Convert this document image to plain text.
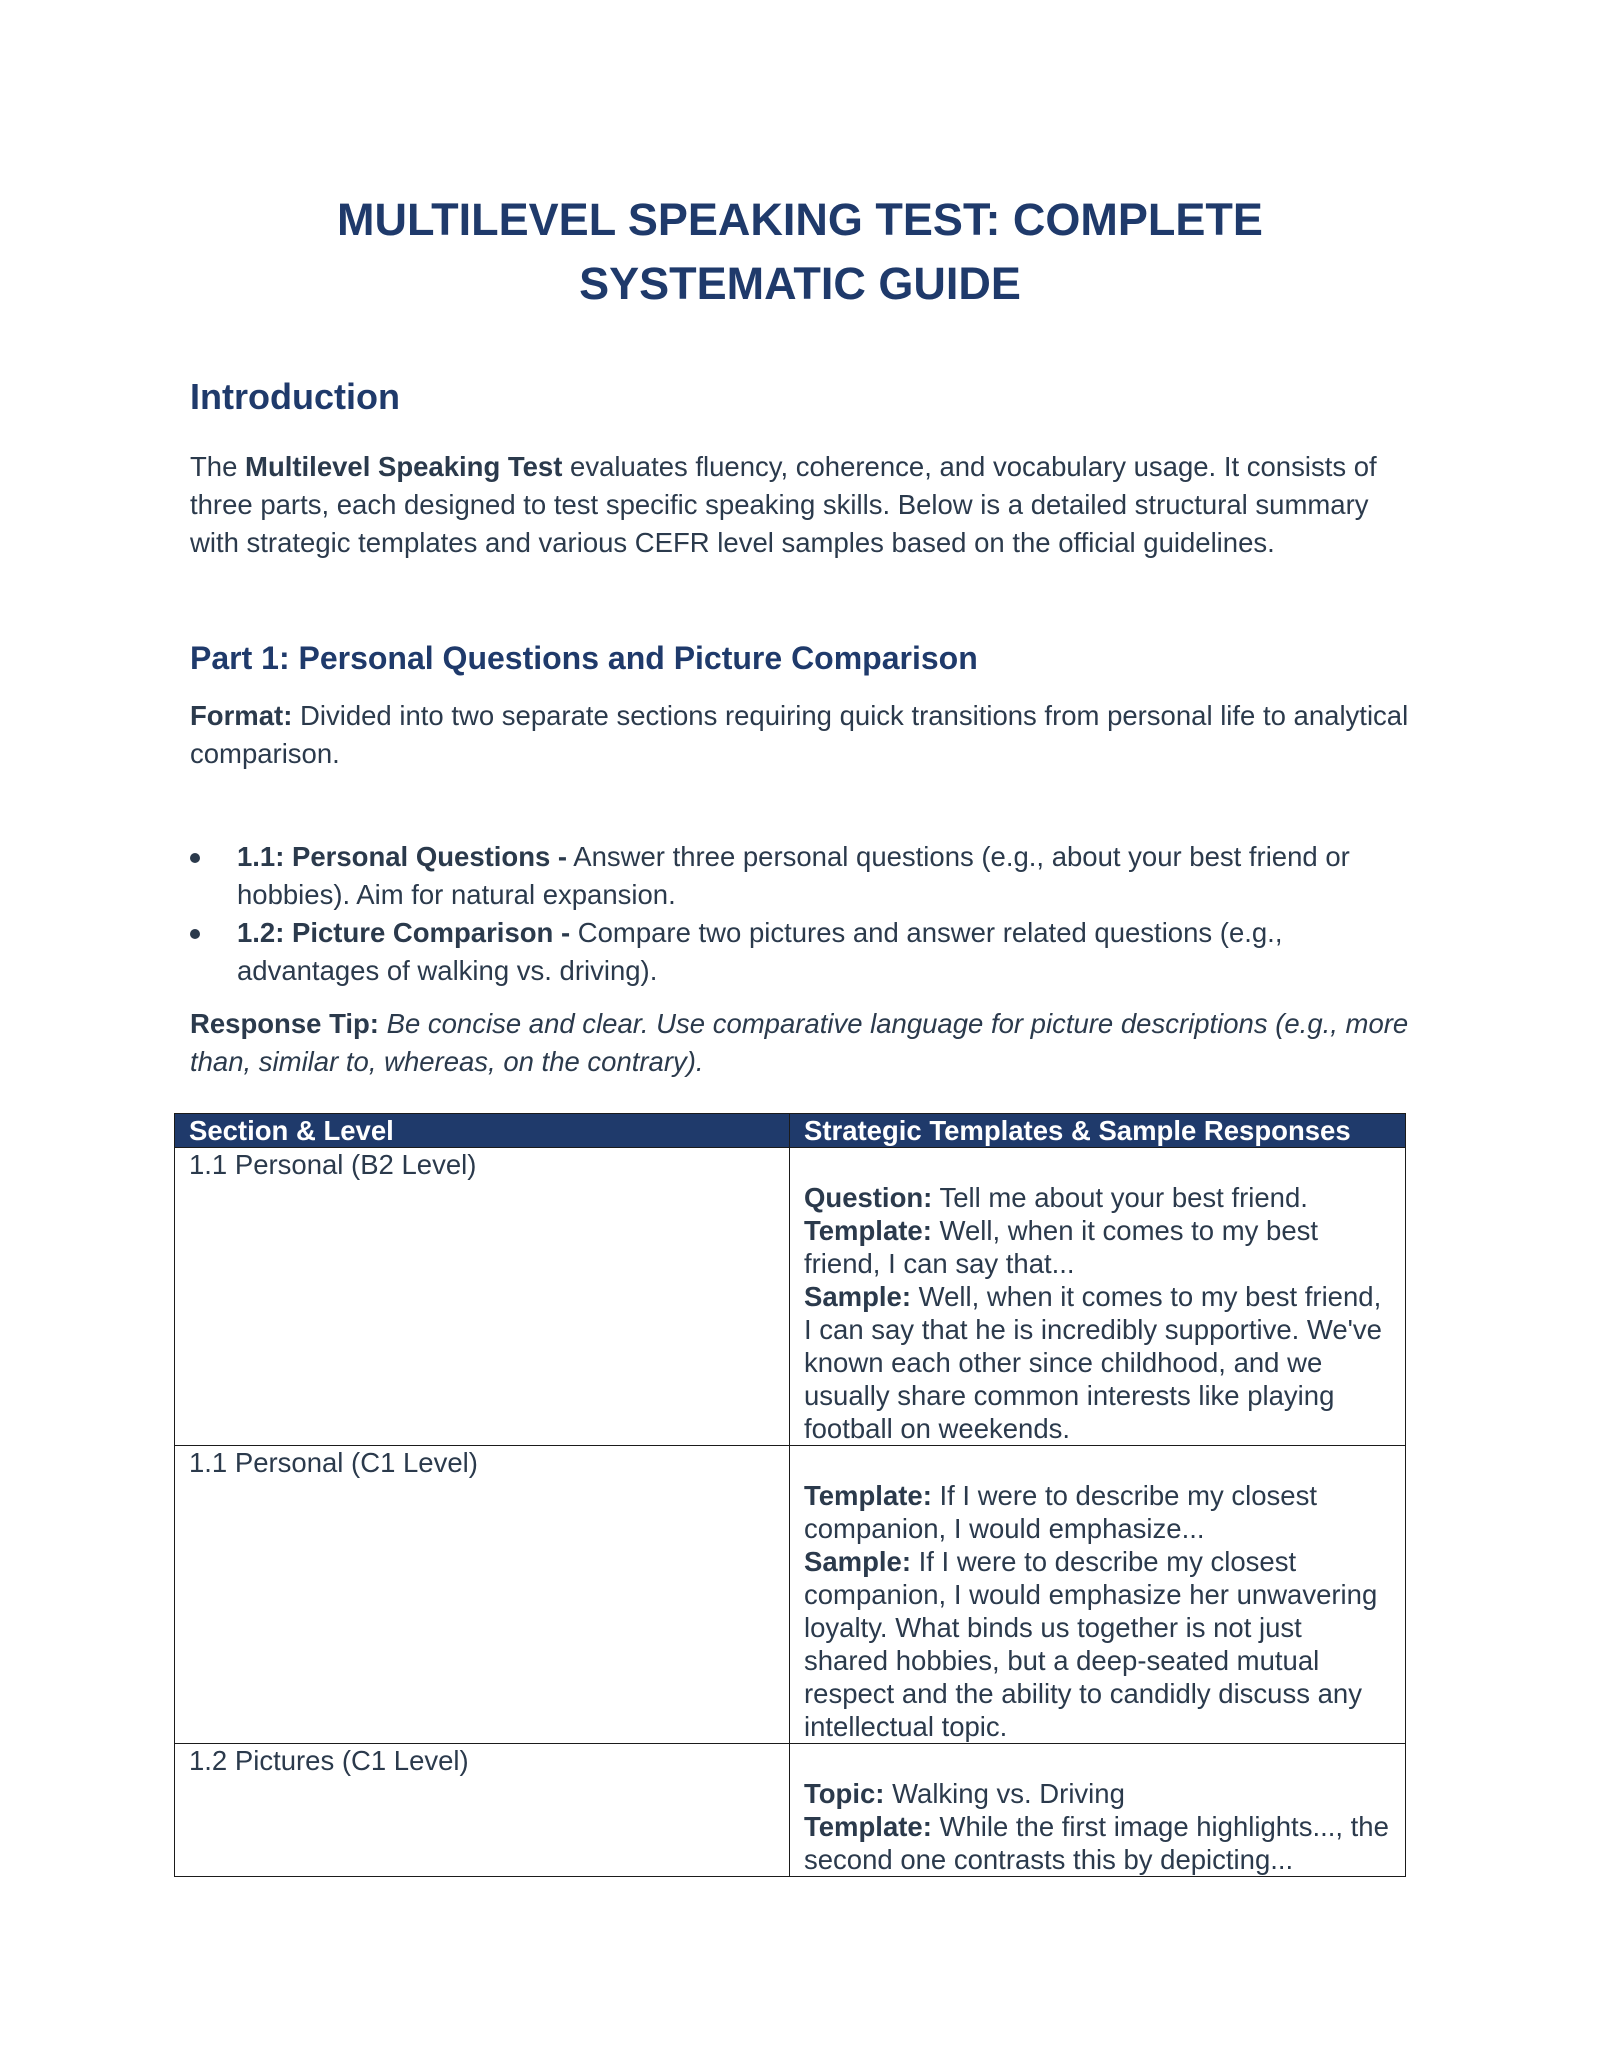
MULTILEVEL SPEAKING TEST: COMPLETE SYSTEMATIC GUIDE
Introduction

The Multilevel Speaking Test evaluates fluency, coherence, and vocabulary usage. It consists of three parts, each designed to test specific speaking skills. Below is a detailed structural summary with strategic templates and various CEFR level samples based on the official guidelines.

Part 1: Personal Questions and Picture Comparison

Format: Divided into two separate sections requiring quick transitions from personal life to analytical comparison.

1.1: Personal Questions - Answer three personal questions (e.g., about your best friend or hobbies). Aim for natural expansion.
1.2: Picture Comparison - Compare two pictures and answer related questions (e.g., advantages of walking vs. driving).

Response Tip: Be concise and clear. Use comparative language for picture descriptions (e.g., more than, similar to, whereas, on the contrary).

Section & Level	Strategic Templates & Sample Responses
1.1 Personal (B2 Level)	Question: Tell me about your best friend.
Template: Well, when it comes to my best friend, I can say that...
Sample: Well, when it comes to my best friend, I can say that he is incredibly supportive. We've known each other since childhood, and we usually share common interests like playing football on weekends.

1.1 Personal (C1 Level)	Template: If I were to describe my closest companion, I would emphasize...
Sample: If I were to describe my closest companion, I would emphasize her unwavering loyalty. What binds us together is not just shared hobbies, but a deep-seated mutual respect and the ability to candidly discuss any intellectual topic.

1.2 Pictures (C1 Level)	Topic: Walking vs. Driving
Template: While the first image highlights..., the second one contrasts this by depicting...
